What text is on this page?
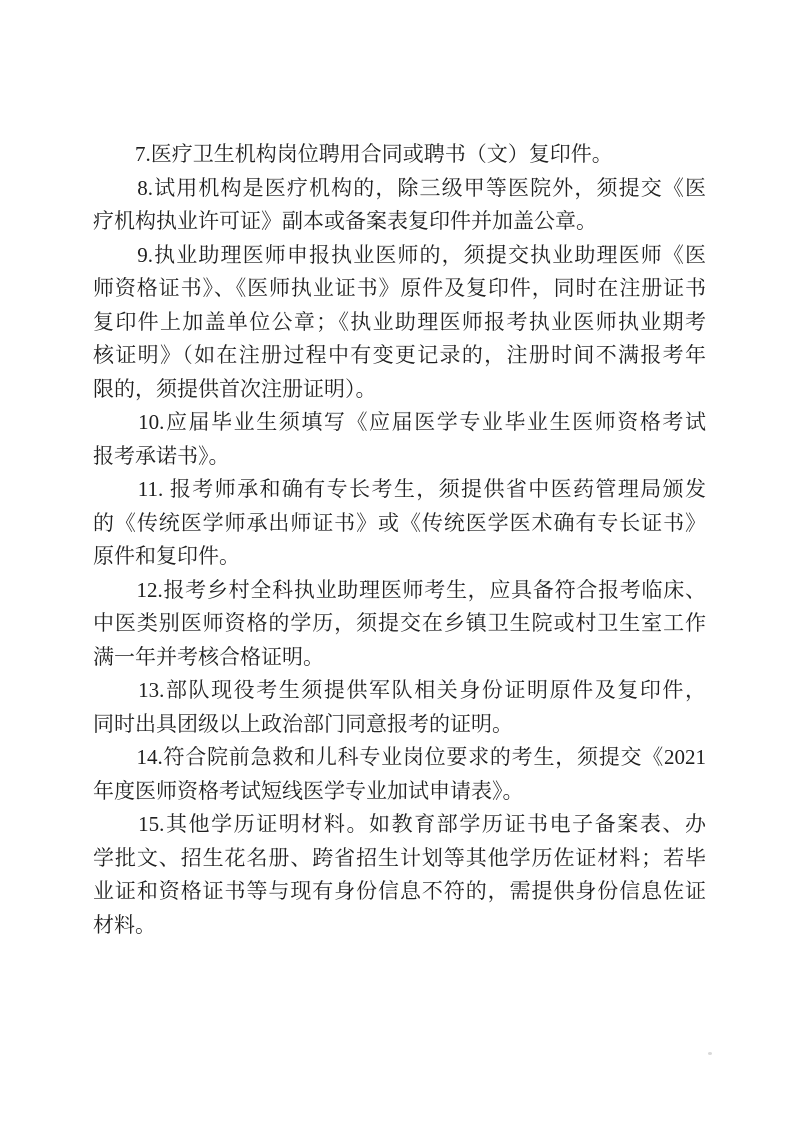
　　7.医疗卫生机构岗位聘用合同或聘书（文）复印件。
　　8.试用机构是医疗机构的，除三级甲等医院外，须提交《医
疗机构执业许可证》副本或备案表复印件并加盖公章。
　　9.执业助理医师申报执业医师的，须提交执业助理医师《医
师资格证书》、《医师执业证书》原件及复印件，同时在注册证书
复印件上加盖单位公章；《执业助理医师报考执业医师执业期考
核证明》（如在注册过程中有变更记录的，注册时间不满报考年
限的，须提供首次注册证明）。
　　10.应届毕业生须填写《应届医学专业毕业生医师资格考试
报考承诺书》。
　　11. 报考师承和确有专长考生，须提供省中医药管理局颁发
的《传统医学师承出师证书》或《传统医学医术确有专长证书》
原件和复印件。
　　12.报考乡村全科执业助理医师考生，应具备符合报考临床、
中医类别医师资格的学历，须提交在乡镇卫生院或村卫生室工作
满一年并考核合格证明。
　　13.部队现役考生须提供军队相关身份证明原件及复印件，
同时出具团级以上政治部门同意报考的证明。
　　14.符合院前急救和儿科专业岗位要求的考生，须提交《2021
年度医师资格考试短线医学专业加试申请表》。
　　15.其他学历证明材料。如教育部学历证书电子备案表、办
学批文、招生花名册、跨省招生计划等其他学历佐证材料；若毕
业证和资格证书等与现有身份信息不符的，需提供身份信息佐证
材料。
